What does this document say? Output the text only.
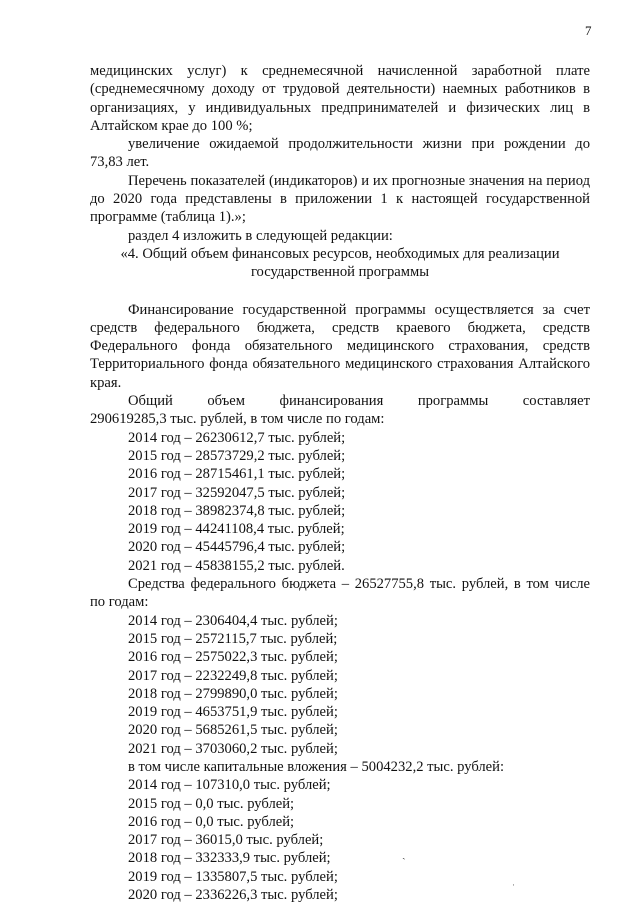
7

медицинских услуг) к среднемесячной начисленной заработной плате (среднемесячному доходу от трудовой деятельности) наемных работников в организациях, у индивидуальных предпринимателей и физических лиц в Алтайском крае до 100 %;

увеличение ожидаемой продолжительности жизни при рождении до 73,83 лет.

Перечень показателей (индикаторов) и их прогнозные значения на период до 2020 года представлены в приложении 1 к настоящей государственной программе (таблица 1).»;

раздел 4 изложить в следующей редакции:

«4. Общий объем финансовых ресурсов, необходимых для реализации государственной программы

Финансирование государственной программы осуществляется за счет средств федерального бюджета, средств краевого бюджета, средств Федерального фонда обязательного медицинского страхования, средств Территориального фонда обязательного медицинского страхования Алтайского края.

Общий объем финансирования программы составляет

290619285,3 тыс. рублей, в том числе по годам:

2014 год – 26230612,7 тыс. рублей;
2015 год – 28573729,2 тыс. рублей;
2016 год – 28715461,1 тыс. рублей;
2017 год – 32592047,5 тыс. рублей;
2018 год – 38982374,8 тыс. рублей;
2019 год – 44241108,4 тыс. рублей;
2020 год – 45445796,4 тыс. рублей;
2021 год – 45838155,2 тыс. рублей.

Средства федерального бюджета – 26527755,8 тыс. рублей, в том числе по годам:

2014 год – 2306404,4 тыс. рублей;
2015 год – 2572115,7 тыс. рублей;
2016 год – 2575022,3 тыс. рублей;
2017 год – 2232249,8 тыс. рублей;
2018 год – 2799890,0 тыс. рублей;
2019 год – 4653751,9 тыс. рублей;
2020 год – 5685261,5 тыс. рублей;
2021 год – 3703060,2 тыс. рублей;

в том числе капитальные вложения – 5004232,2 тыс. рублей:

2014 год – 107310,0 тыс. рублей;
2015 год – 0,0 тыс. рублей;
2016 год – 0,0 тыс. рублей;
2017 год – 36015,0 тыс. рублей;
2018 год – 332333,9 тыс. рублей;
2019 год – 1335807,5 тыс. рублей;
2020 год – 2336226,3 тыс. рублей;
ˎ
·
